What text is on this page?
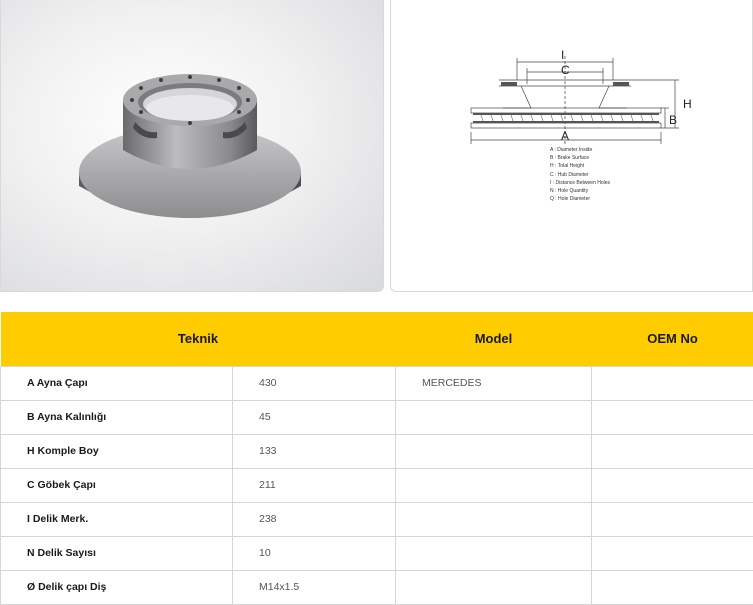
I
C
H
B
A
A : Diameter Inside
B : Brake Surface
H : Total Height
C : Hub Diameter
I : Distance Between Holes
N : Hole Quantity
Q : Hole Diameter
Teknik		Model	OEM No
A Ayna Çapı	430	MERCEDES	
B Ayna Kalınlığı	45		
H Komple Boy	133		
C Göbek Çapı	211		
I Delik Merk.	238		
N Delik Sayısı	10		
Ø Delik çapı Diş	M14x1.5		
